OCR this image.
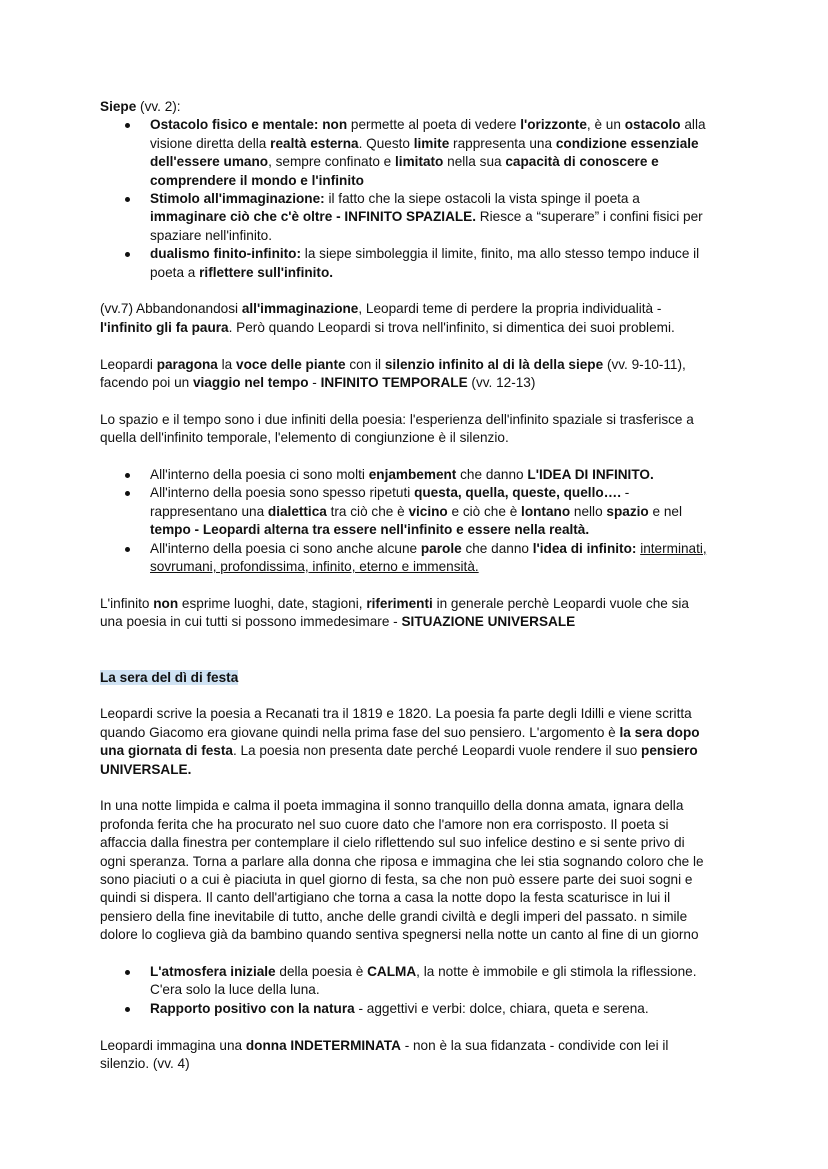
Siepe (vv. 2):

Ostacolo fisico e mentale: non permette al poeta di vedere l'orizzonte, è un ostacolo alla
visione diretta della realtà esterna. Questo limite rappresenta una condizione essenziale
dell'essere umano, sempre confinato e limitato nella sua capacità di conoscere e
comprendere il mondo e l'infinito
Stimolo all'immaginazione: il fatto che la siepe ostacoli la vista spinge il poeta a
immaginare ciò che c'è oltre - INFINITO SPAZIALE. Riesce a “superare” i confini fisici per
spaziare nell'infinito.
dualismo finito-infinito: la siepe simboleggia il limite, finito, ma allo stesso tempo induce il
poeta a riflettere sull'infinito.

(vv.7) Abbandonandosi all'immaginazione, Leopardi teme di perdere la propria individualità -
l'infinito gli fa paura. Però quando Leopardi si trova nell'infinito, si dimentica dei suoi problemi.

Leopardi paragona la voce delle piante con il silenzio infinito al di là della siepe (vv. 9-10-11),
facendo poi un viaggio nel tempo - INFINITO TEMPORALE (vv. 12-13)

Lo spazio e il tempo sono i due infiniti della poesia: l'esperienza dell'infinito spaziale si trasferisce a
quella dell'infinito temporale, l'elemento di congiunzione è il silenzio.

All'interno della poesia ci sono molti enjambement che danno L'IDEA DI INFINITO.
All'interno della poesia sono spesso ripetuti questa, quella, queste, quello…. -
rappresentano una dialettica tra ciò che è vicino e ciò che è lontano nello spazio e nel
tempo - Leopardi alterna tra essere nell'infinito e essere nella realtà.
All'interno della poesia ci sono anche alcune parole che danno l'idea di infinito: interminati,
sovrumani, profondissima, infinito, eterno e immensità.

L'infinito non esprime luoghi, date, stagioni, riferimenti in generale perchè Leopardi vuole che sia
una poesia in cui tutti si possono immedesimare - SITUAZIONE UNIVERSALE

La sera del dì di festa

Leopardi scrive la poesia a Recanati tra il 1819 e 1820. La poesia fa parte degli Idilli e viene scritta
quando Giacomo era giovane quindi nella prima fase del suo pensiero. L'argomento è la sera dopo
una giornata di festa. La poesia non presenta date perché Leopardi vuole rendere il suo pensiero
UNIVERSALE.

In una notte limpida e calma il poeta immagina il sonno tranquillo della donna amata, ignara della
profonda ferita che ha procurato nel suo cuore dato che l'amore non era corrisposto. Il poeta si
affaccia dalla finestra per contemplare il cielo riflettendo sul suo infelice destino e si sente privo di
ogni speranza. Torna a parlare alla donna che riposa e immagina che lei stia sognando coloro che le
sono piaciuti o a cui è piaciuta in quel giorno di festa, sa che non può essere parte dei suoi sogni e
quindi si dispera. Il canto dell'artigiano che torna a casa la notte dopo la festa scaturisce in lui il
pensiero della fine inevitabile di tutto, anche delle grandi civiltà e degli imperi del passato. n simile
dolore lo coglieva già da bambino quando sentiva spegnersi nella notte un canto al fine di un giorno

L'atmosfera iniziale della poesia è CALMA, la notte è immobile e gli stimola la riflessione.
C'era solo la luce della luna.
Rapporto positivo con la natura - aggettivi e verbi: dolce, chiara, queta e serena.

Leopardi immagina una donna INDETERMINATA - non è la sua fidanzata - condivide con lei il
silenzio. (vv. 4)
